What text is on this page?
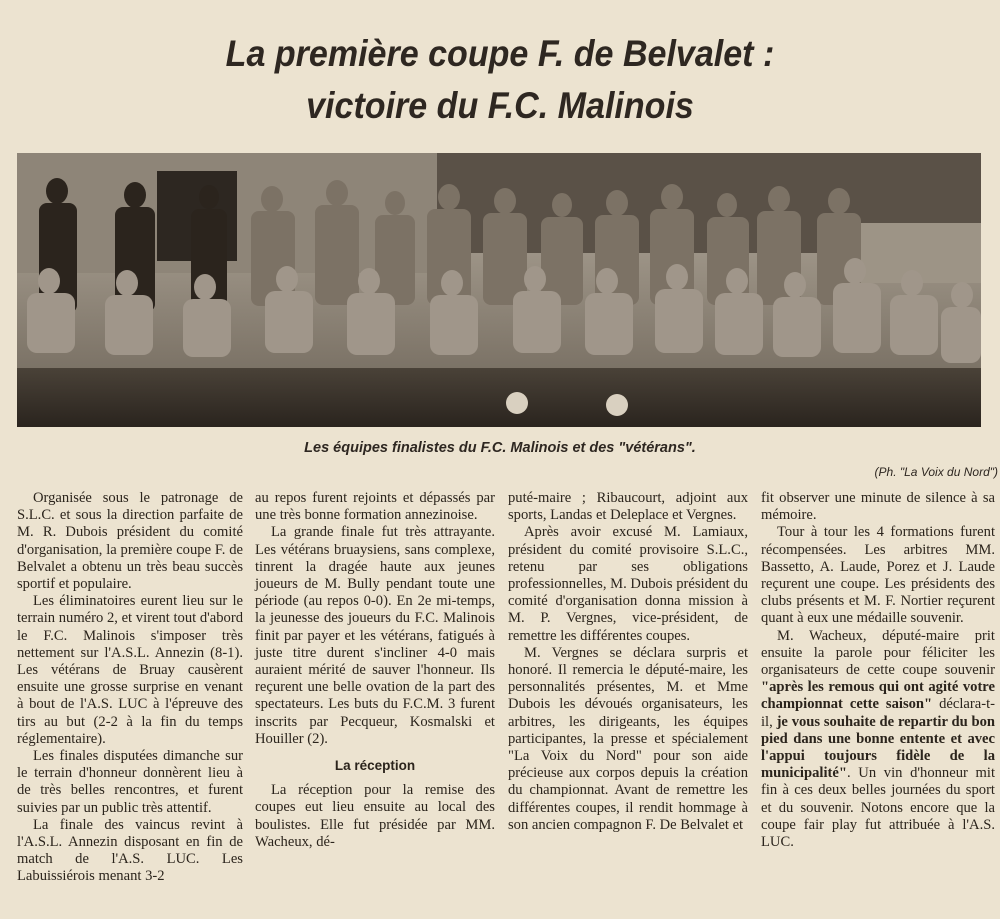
La première coupe F. de Belvalet :
victoire du F.C. Malinois
Les équipes finalistes du F.C. Malinois et des "vétérans".
(Ph. "La Voix du Nord")

Organisée sous le patronage de S.L.C. et sous la direction parfaite de M. R. Dubois président du comité d'organisation, la première coupe F. de Belvalet a obtenu un très beau succès sportif et populaire.

Les éliminatoires eurent lieu sur le terrain numéro 2, et virent tout d'abord le F.C. Malinois s'imposer très nettement sur l'A.S.L. Annezin (8-1). Les vétérans de Bruay causèrent ensuite une grosse surprise en venant à bout de l'A.S. LUC à l'épreuve des tirs au but (2-2 à la fin du temps réglementaire).

Les finales disputées dimanche sur le terrain d'honneur donnèrent lieu à de très belles rencontres, et furent suivies par un public très attentif.

La finale des vaincus revint à l'A.S.L. Annezin disposant en fin de match de l'A.S. LUC. Les Labuissiérois menant 3-2

au repos furent rejoints et dépassés par une très bonne formation annezinoise.

La grande finale fut très attrayante. Les vétérans bruaysiens, sans complexe, tinrent la dragée haute aux jeunes joueurs de M. Bully pendant toute une période (au repos 0-0). En 2e mi-temps, la jeunesse des joueurs du F.C. Malinois finit par payer et les vétérans, fatigués à juste titre durent s'incliner 4-0 mais auraient mérité de sauver l'honneur. Ils reçurent une belle ovation de la part des spectateurs. Les buts du F.C.M. 3 furent inscrits par Pecqueur, Kosmalski et Houiller (2).

La réception

La réception pour la remise des coupes eut lieu ensuite au local des boulistes. Elle fut présidée par MM. Wacheux, dé-

puté-maire ; Ribaucourt, adjoint aux sports, Landas et Deleplace et Vergnes.

Après avoir excusé M. Lamiaux, président du comité provisoire S.L.C., retenu par ses obligations professionnelles, M. Dubois président du comité d'organisation donna mission à M. P. Vergnes, vice-président, de remettre les différentes coupes.

M. Vergnes se déclara surpris et honoré. Il remercia le député-maire, les personnalités présentes, M. et Mme Dubois les dévoués organisateurs, les arbitres, les dirigeants, les équipes participantes, la presse et spécialement "La Voix du Nord" pour son aide précieuse aux corpos depuis la création du championnat. Avant de remettre les différentes coupes, il rendit hommage à son ancien compagnon F. De Belvalet et

fit observer une minute de silence à sa mémoire.

Tour à tour les 4 formations furent récompensées. Les arbitres MM. Bassetto, A. Laude, Porez et J. Laude reçurent une coupe. Les présidents des clubs présents et M. F. Nortier reçurent quant à eux une médaille souvenir.

M. Wacheux, député-maire prit ensuite la parole pour féliciter les organisateurs de cette coupe souvenir "après les remous qui ont agité votre championnat cette saison" déclara-t-il, je vous souhaite de repartir du bon pied dans une bonne entente et avec l'appui toujours fidèle de la municipalité". Un vin d'honneur mit fin à ces deux belles journées du sport et du souvenir. Notons encore que la coupe fair play fut attribuée à l'A.S. LUC.
